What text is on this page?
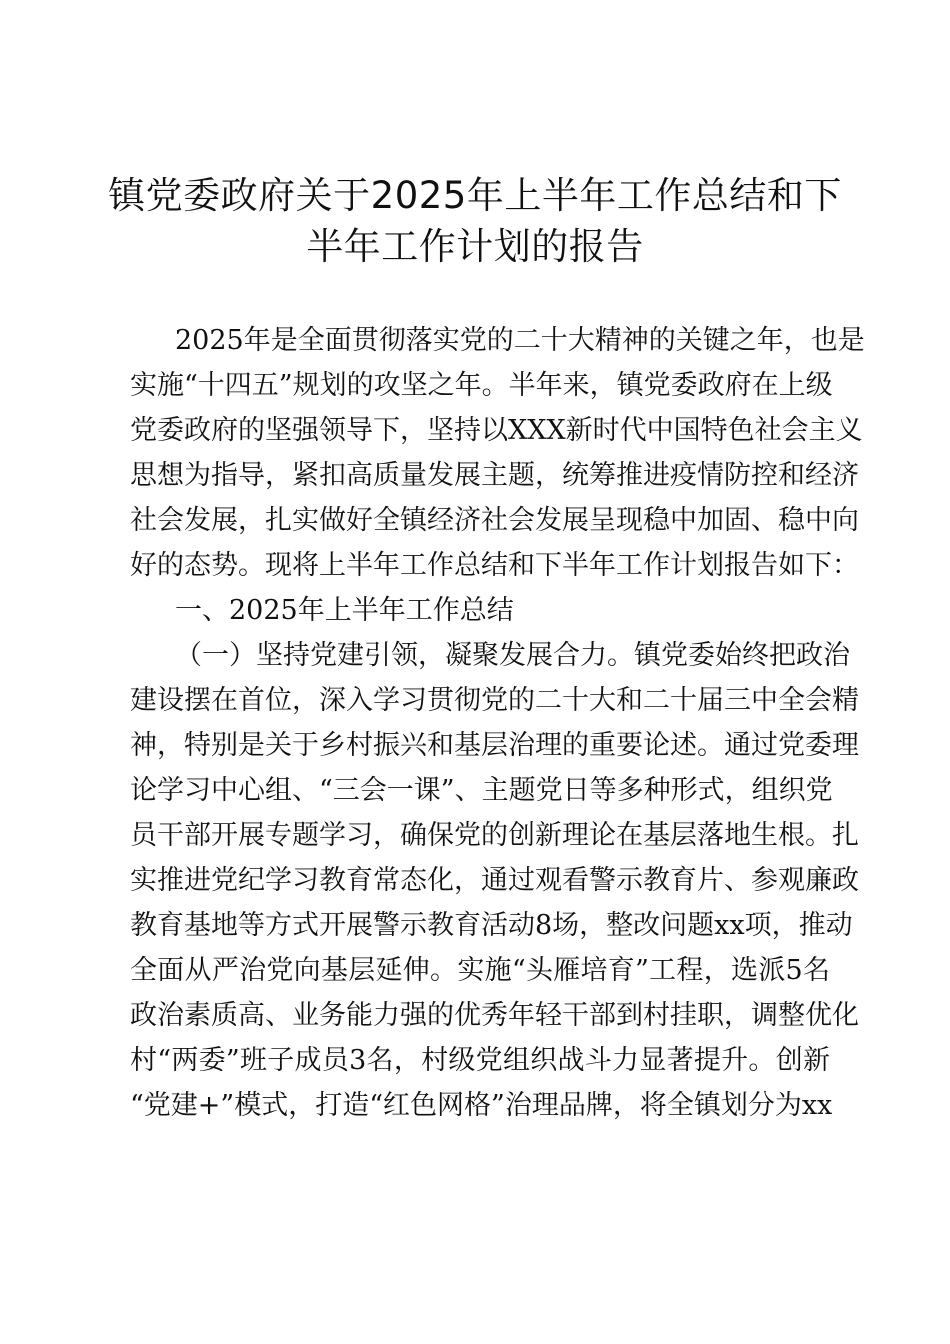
镇党委政府关于2025年上半年工作总结和下
半年工作计划的报告
2025年是全面贯彻落实党的二十大精神的关键之年，也是
实施“十四五”规划的攻坚之年。半年来，镇党委政府在上级
党委政府的坚强领导下，坚持以XXX新时代中国特色社会主义
思想为指导，紧扣高质量发展主题，统筹推进疫情防控和经济
社会发展，扎实做好全镇经济社会发展呈现稳中加固、稳中向
好的态势。现将上半年工作总结和下半年工作计划报告如下：
一、2025年上半年工作总结
（一）坚持党建引领，凝聚发展合力。镇党委始终把政治
建设摆在首位，深入学习贯彻党的二十大和二十届三中全会精
神，特别是关于乡村振兴和基层治理的重要论述。通过党委理
论学习中心组、“三会一课”、主题党日等多种形式，组织党
员干部开展专题学习，确保党的创新理论在基层落地生根。扎
实推进党纪学习教育常态化，通过观看警示教育片、参观廉政
教育基地等方式开展警示教育活动8场，整改问题xx项，推动
全面从严治党向基层延伸。实施“头雁培育”工程，选派5名
政治素质高、业务能力强的优秀年轻干部到村挂职，调整优化
村“两委”班子成员3名，村级党组织战斗力显著提升。创新
“党建+”模式，打造“红色网格”治理品牌，将全镇划分为xx
